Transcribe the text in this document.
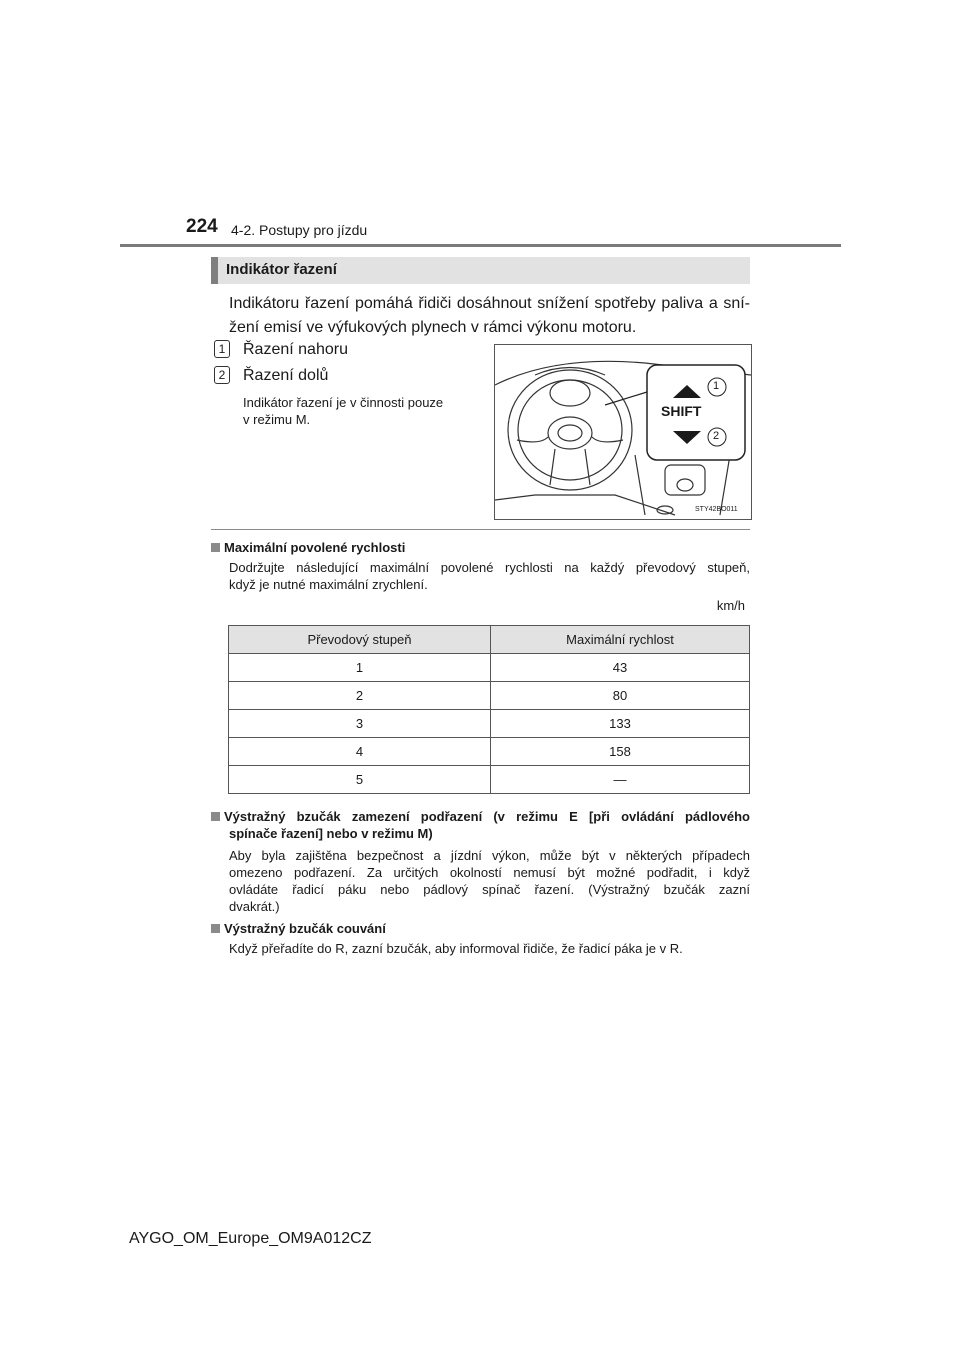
224 4-2. Postupy pro jízdu
Indikátor řazení
Indikátoru řazení pomáhá řidiči dosáhnout snížení spotřeby paliva a sní-
žení emisí ve výfukových plynech v rámci výkonu motoru.
1 Řazení nahoru
2 Řazení dolů
Indikátor řazení je v činnosti pouze
v režimu M.
SHIFT
1
2
STY42BO011
Maximální povolené rychlosti
Dodržujte následující maximální povolené rychlosti na každý převodový stupeň,
když je nutné maximální zrychlení.
km/h
Převodový stupeň	Maximální rychlost
1	43
2	80
3	133
4	158
5	—
Výstražný bzučák zamezení podřazení (v režimu E [při ovládání pádlového
spínače řazení] nebo v režimu M)
Aby byla zajištěna bezpečnost a jízdní výkon, může být v některých případech
omezeno podřazení. Za určitých okolností nemusí být možné podřadit, i když
ovládáte řadicí páku nebo pádlový spínač řazení. (Výstražný bzučák zazní
dvakrát.)
Výstražný bzučák couvání
Když přeřadíte do R, zazní bzučák, aby informoval řidiče, že řadicí páka je v R.
AYGO_OM_Europe_OM9A012CZ
